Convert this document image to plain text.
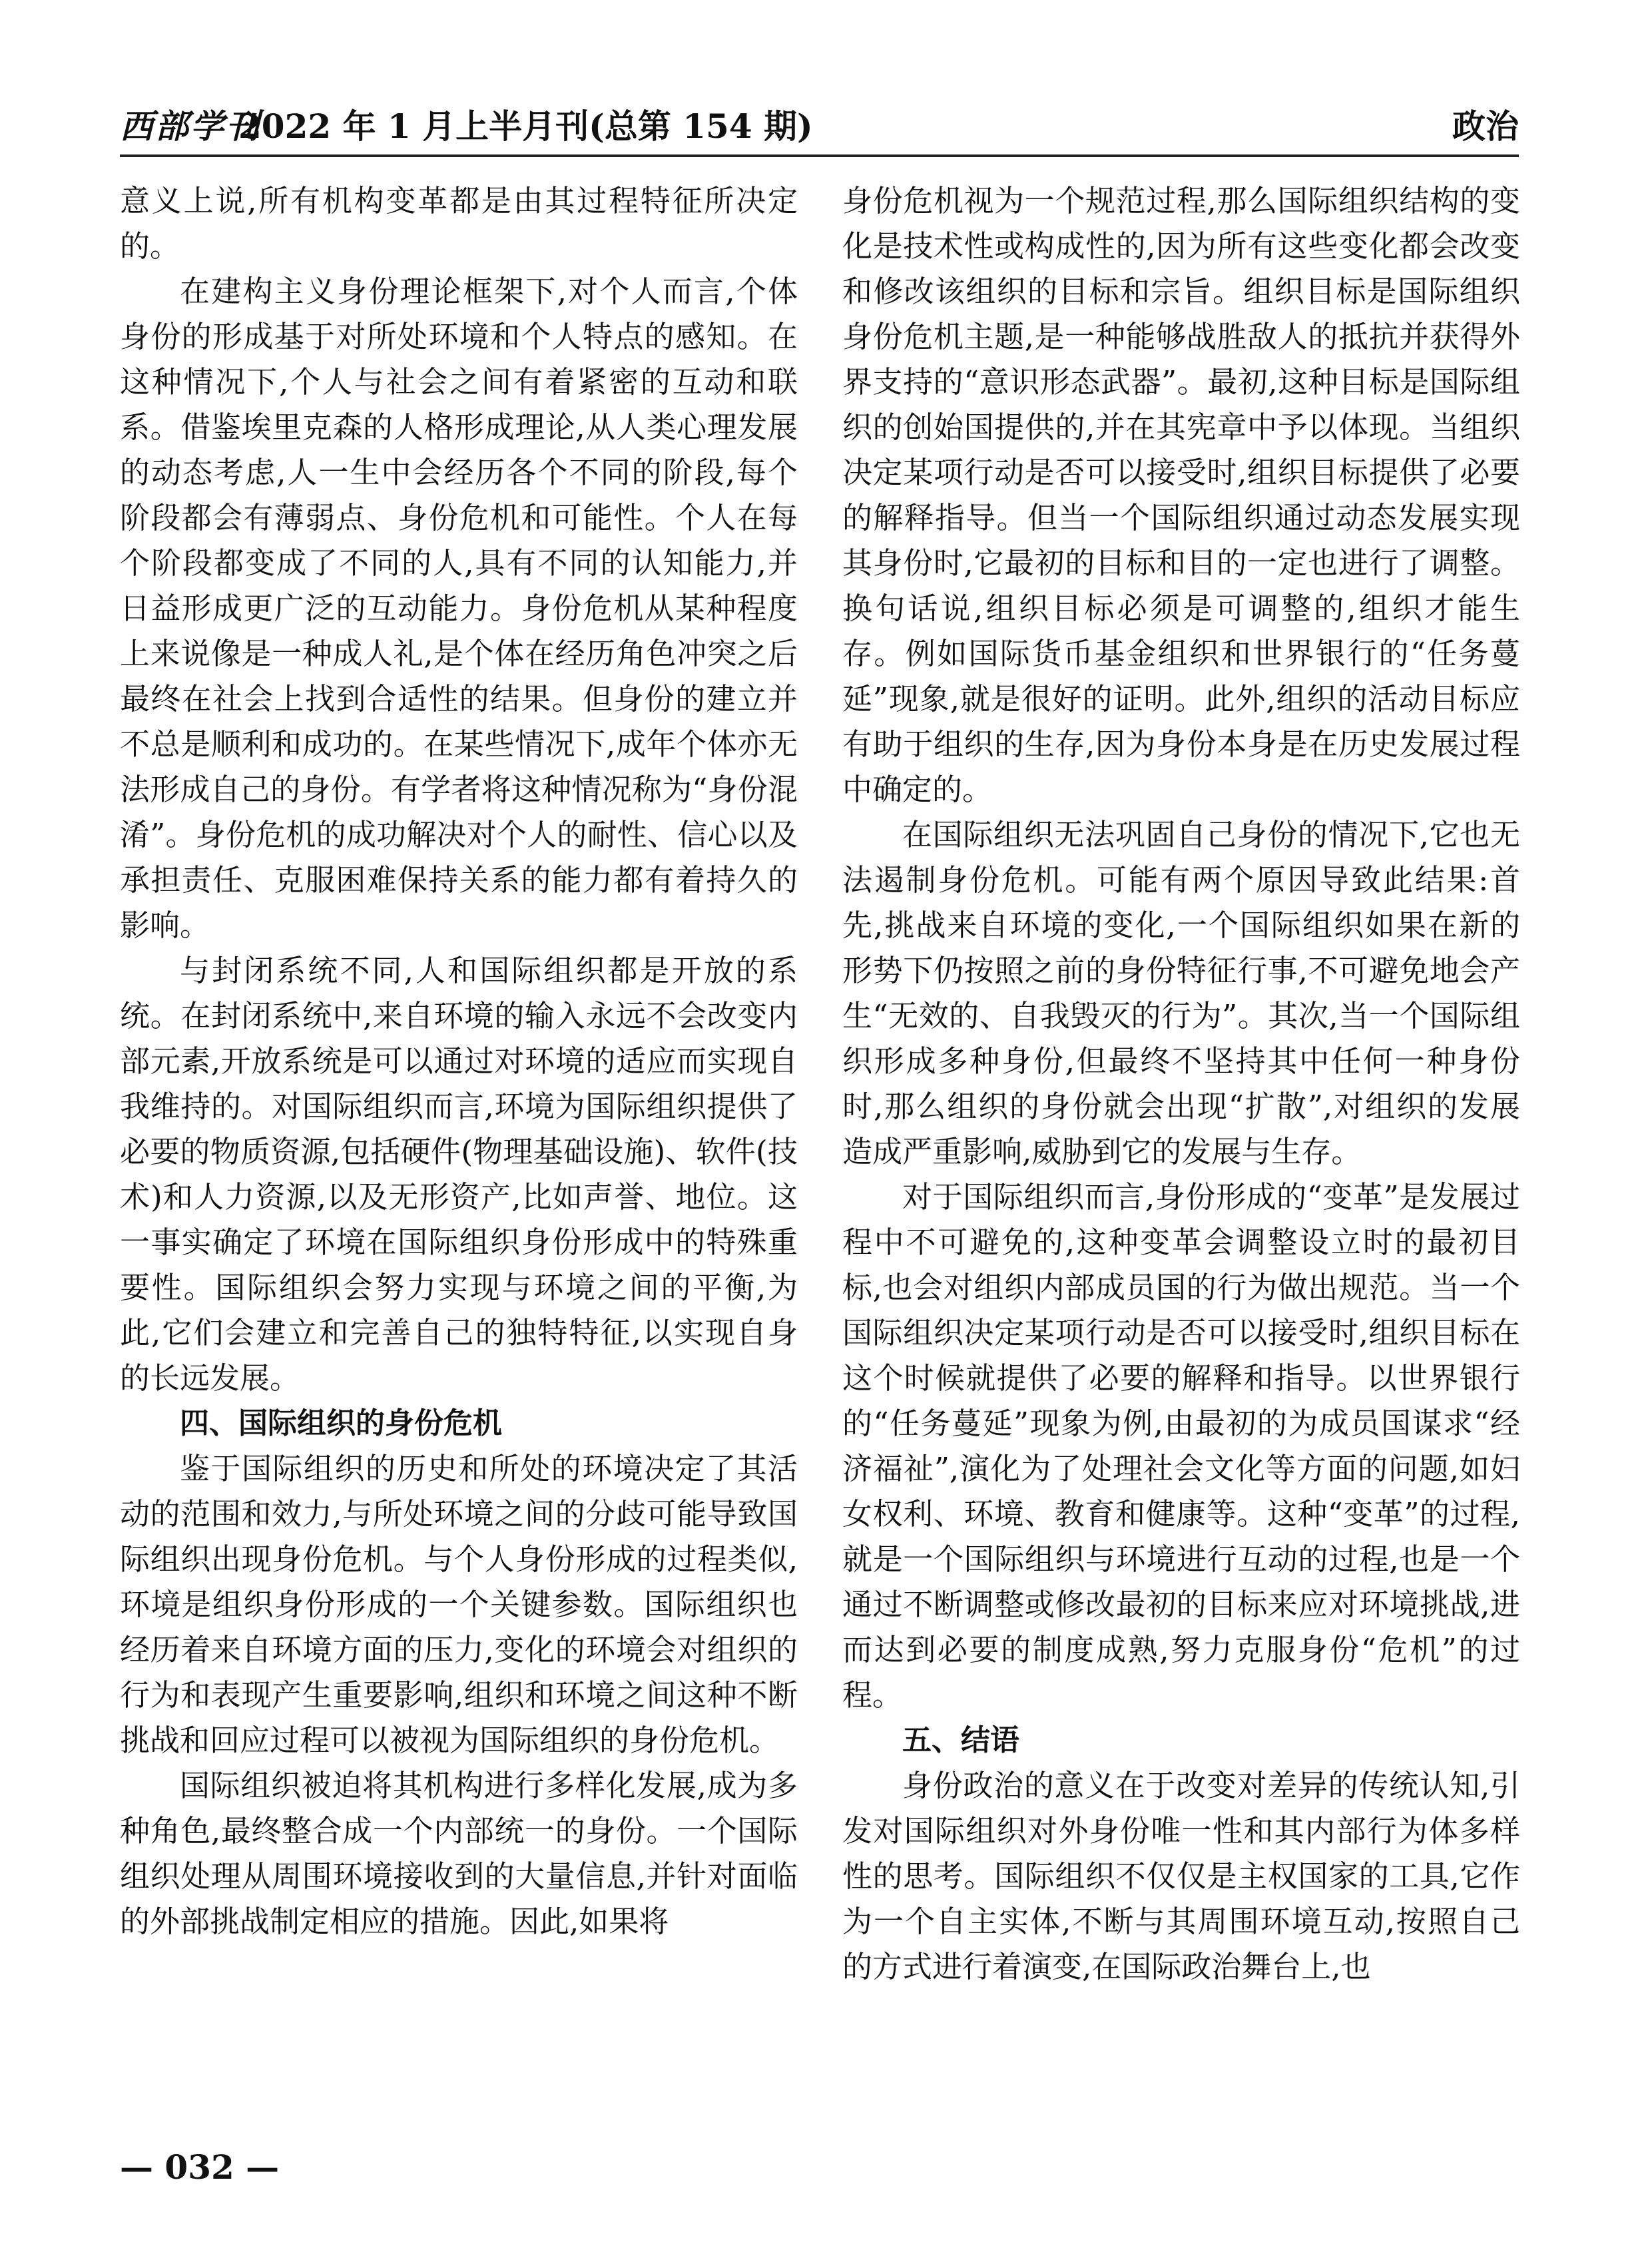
西部学刊
2022 年 1 月上半月刊(总第 154 期)	政治

意义上说,所有机构变革都是由其过程特征所决定的。

在建构主义身份理论框架下,对个人而言,个体身份的形成基于对所处环境和个人特点的感知。在这种情况下,个人与社会之间有着紧密的互动和联系。借鉴埃里克森的人格形成理论,从人类心理发展的动态考虑,人一生中会经历各个不同的阶段,每个阶段都会有薄弱点、身份危机和可能性。个人在每个阶段都变成了不同的人,具有不同的认知能力,并日益形成更广泛的互动能力。身份危机从某种程度上来说像是一种成人礼,是个体在经历角色冲突之后最终在社会上找到合适性的结果。但身份的建立并不总是顺利和成功的。在某些情况下,成年个体亦无法形成自己的身份。有学者将这种情况称为“身份混淆”。身份危机的成功解决对个人的耐性、信心以及承担责任、克服困难保持关系的能力都有着持久的影响。

与封闭系统不同,人和国际组织都是开放的系统。在封闭系统中,来自环境的输入永远不会改变内部元素,开放系统是可以通过对环境的适应而实现自我维持的。对国际组织而言,环境为国际组织提供了必要的物质资源,包括硬件(物理基础设施)、软件(技术)和人力资源,以及无形资产,比如声誉、地位。这一事实确定了环境在国际组织身份形成中的特殊重要性。国际组织会努力实现与环境之间的平衡,为此,它们会建立和完善自己的独特特征,以实现自身的长远发展。

四、国际组织的身份危机

鉴于国际组织的历史和所处的环境决定了其活动的范围和效力,与所处环境之间的分歧可能导致国际组织出现身份危机。与个人身份形成的过程类似,环境是组织身份形成的一个关键参数。国际组织也经历着来自环境方面的压力,变化的环境会对组织的行为和表现产生重要影响,组织和环境之间这种不断挑战和回应过程可以被视为国际组织的身份危机。

国际组织被迫将其机构进行多样化发展,成为多种角色,最终整合成一个内部统一的身份。一个国际组织处理从周围环境接收到的大量信息,并针对面临的外部挑战制定相应的措施。因此,如果将

身份危机视为一个规范过程,那么国际组织结构的变化是技术性或构成性的,因为所有这些变化都会改变和修改该组织的目标和宗旨。组织目标是国际组织身份危机主题,是一种能够战胜敌人的抵抗并获得外界支持的“意识形态武器”。最初,这种目标是国际组织的创始国提供的,并在其宪章中予以体现。当组织决定某项行动是否可以接受时,组织目标提供了必要的解释指导。但当一个国际组织通过动态发展实现其身份时,它最初的目标和目的一定也进行了调整。换句话说,组织目标必须是可调整的,组织才能生存。例如国际货币基金组织和世界银行的“任务蔓延”现象,就是很好的证明。此外,组织的活动目标应有助于组织的生存,因为身份本身是在历史发展过程中确定的。

在国际组织无法巩固自己身份的情况下,它也无法遏制身份危机。可能有两个原因导致此结果:首先,挑战来自环境的变化,一个国际组织如果在新的形势下仍按照之前的身份特征行事,不可避免地会产生“无效的、自我毁灭的行为”。其次,当一个国际组织形成多种身份,但最终不坚持其中任何一种身份时,那么组织的身份就会出现“扩散”,对组织的发展造成严重影响,威胁到它的发展与生存。

对于国际组织而言,身份形成的“变革”是发展过程中不可避免的,这种变革会调整设立时的最初目标,也会对组织内部成员国的行为做出规范。当一个国际组织决定某项行动是否可以接受时,组织目标在这个时候就提供了必要的解释和指导。以世界银行的“任务蔓延”现象为例,由最初的为成员国谋求“经济福祉”,演化为了处理社会文化等方面的问题,如妇女权利、环境、教育和健康等。这种“变革”的过程,就是一个国际组织与环境进行互动的过程,也是一个通过不断调整或修改最初的目标来应对环境挑战,进而达到必要的制度成熟,努力克服身份“危机”的过程。

五、结语

身份政治的意义在于改变对差异的传统认知,引发对国际组织对外身份唯一性和其内部行为体多样性的思考。国际组织不仅仅是主权国家的工具,它作为一个自主实体,不断与其周围环境互动,按照自己的方式进行着演变,在国际政治舞台上,也

— 032 —
